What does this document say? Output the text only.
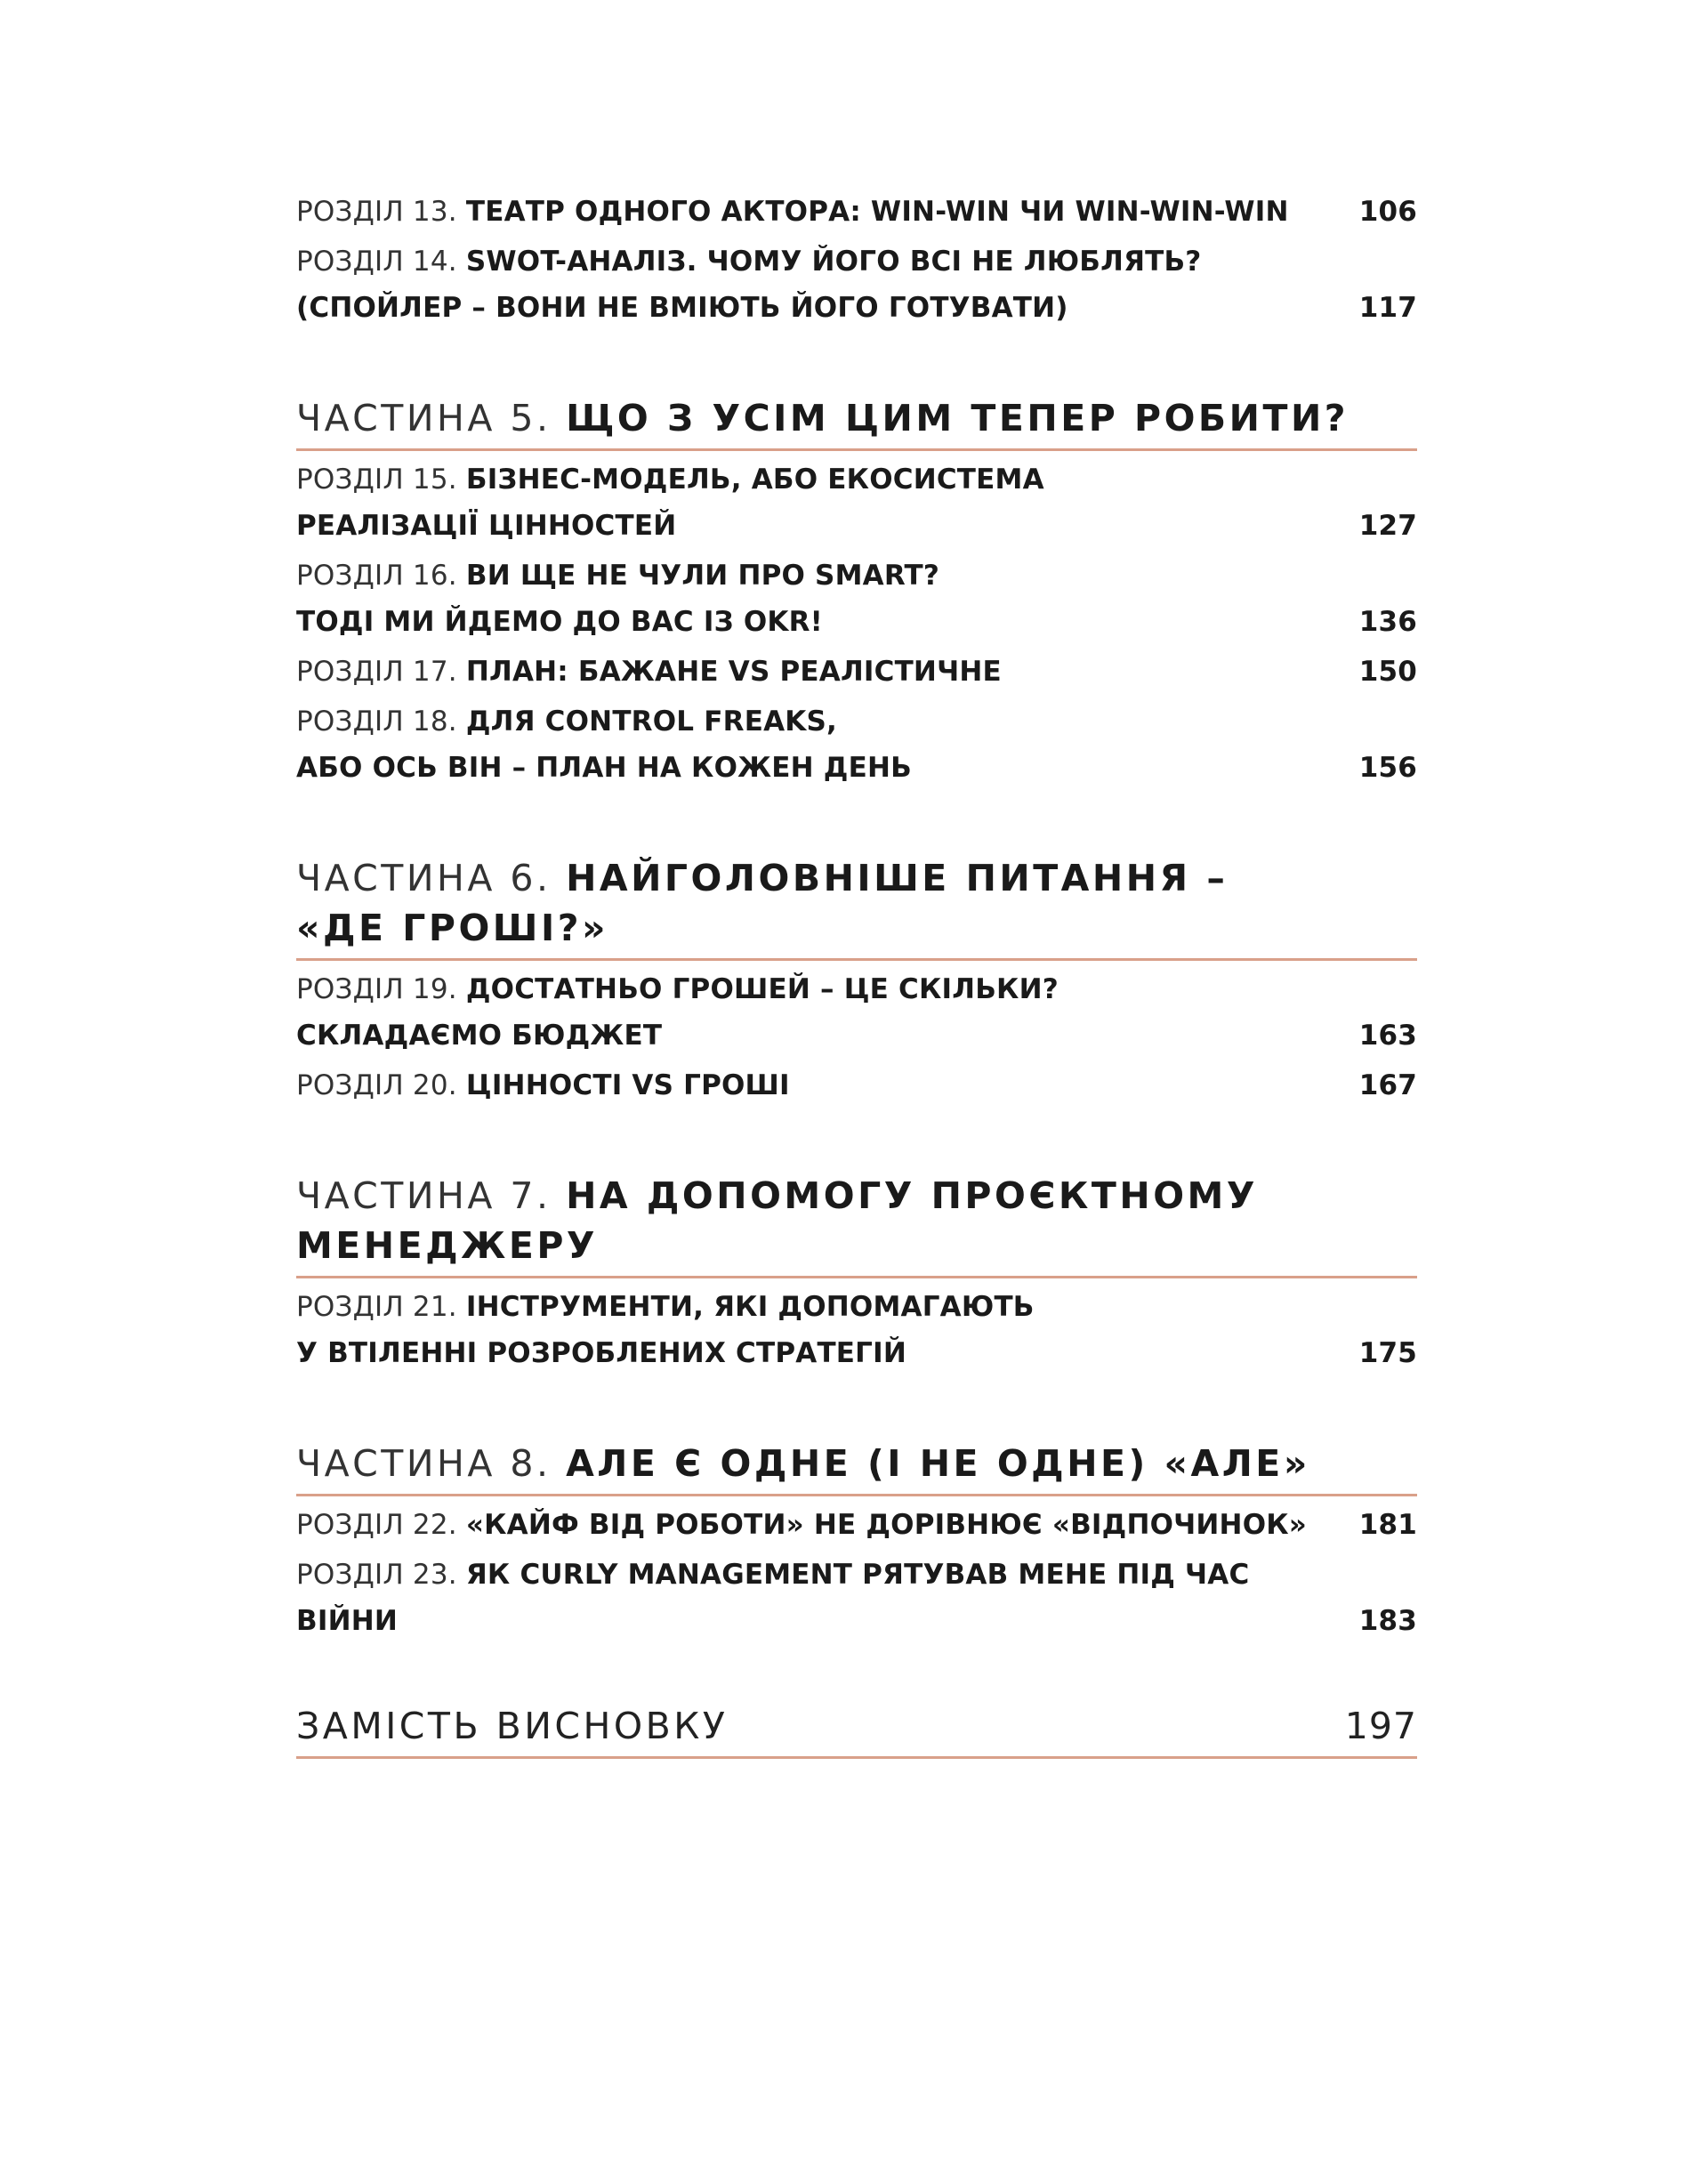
РОЗДІЛ 13. ТЕАТР ОДНОГО АКТОРА: WIN-WIN ЧИ WIN-WIN-WIN	106
РОЗДІЛ 14. SWOT-АНАЛІЗ. ЧОМУ ЙОГО ВСІ НЕ ЛЮБЛЯТЬ?
(СПОЙЛЕР – ВОНИ НЕ ВМІЮТЬ ЙОГО ГОТУВАТИ)	117
ЧАСТИНА 5. ЩО З УСІМ ЦИМ ТЕПЕР РОБИТИ?
РОЗДІЛ 15. БІЗНЕС-МОДЕЛЬ, АБО ЕКОСИСТЕМА
РЕАЛІЗАЦІЇ ЦІННОСТЕЙ	127
РОЗДІЛ 16. ВИ ЩЕ НЕ ЧУЛИ ПРО SMART?
ТОДІ МИ ЙДЕМО ДО ВАС ІЗ OKR!	136
РОЗДІЛ 17. ПЛАН: БАЖАНЕ VS РЕАЛІСТИЧНЕ	150
РОЗДІЛ 18. ДЛЯ CONTROL FREAKS,
АБО ОСЬ ВІН – ПЛАН НА КОЖЕН ДЕНЬ	156
ЧАСТИНА 6. НАЙГОЛОВНІШЕ ПИТАННЯ –
«ДЕ ГРОШІ?»
РОЗДІЛ 19. ДОСТАТНЬО ГРОШЕЙ – ЦЕ СКІЛЬКИ?
СКЛАДАЄМО БЮДЖЕТ	163
РОЗДІЛ 20. ЦІННОСТІ VS ГРОШІ	167
ЧАСТИНА 7. НА ДОПОМОГУ ПРОЄКТНОМУ
МЕНЕДЖЕРУ
РОЗДІЛ 21. ІНСТРУМЕНТИ, ЯКІ ДОПОМАГАЮТЬ
У ВТІЛЕННІ РОЗРОБЛЕНИХ СТРАТЕГІЙ	175
ЧАСТИНА 8. АЛЕ Є ОДНЕ (І НЕ ОДНЕ) «АЛЕ»
РОЗДІЛ 22. «КАЙФ ВІД РОБОТИ» НЕ ДОРІВНЮЄ «ВІДПОЧИНОК»	181
РОЗДІЛ 23. ЯК CURLY MANAGEMENT РЯТУВАВ МЕНЕ ПІД ЧАС ВІЙНИ	183
ЗАМІСТЬ ВИСНОВКУ	197
